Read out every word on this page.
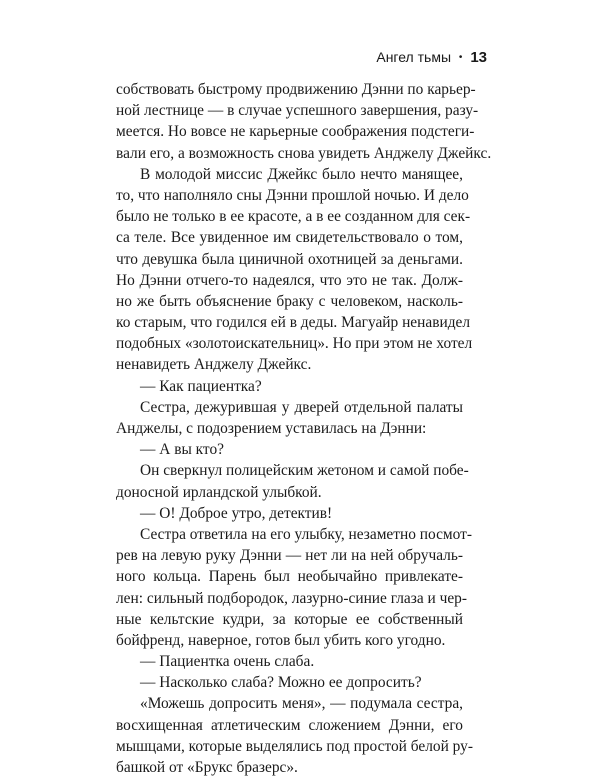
Ангел тьмы • 13
собствовать быстрому продвижению Дэнни по карьер-
ной лестнице — в случае успешного завершения, разу-
меется. Но вовсе не карьерные соображения подстеги-
вали его, а возможность снова увидеть Анджелу Джейкс.
В молодой миссис Джейкс было нечто манящее,
то, что наполняло сны Дэнни прошлой ночью. И дело
было не только в ее красоте, а в ее созданном для сек-
са теле. Все увиденное им свидетельствовало о том,
что девушка была циничной охотницей за деньгами.
Но Дэнни отчего-то надеялся, что это не так. Долж-
но же быть объяснение браку с человеком, насколь-
ко старым, что годился ей в деды. Магуайр ненавидел
подобных «золотоискательниц». Но при этом не хотел
ненавидеть Анджелу Джейкс.
— Как пациентка?
Сестра, дежурившая у дверей отдельной палаты
Анджелы, с подозрением уставилась на Дэнни:
— А вы кто?
Он сверкнул полицейским жетоном и самой побе-
доносной ирландской улыбкой.
— О! Доброе утро, детектив!
Сестра ответила на его улыбку, незаметно посмот-
рев на левую руку Дэнни — нет ли на ней обручаль-
ного кольца. Парень был необычайно привлекате-
лен: сильный подбородок, лазурно-синие глаза и чер-
ные кельтские кудри, за которые ее собственный
бойфренд, наверное, готов был убить кого угодно.
— Пациентка очень слаба.
— Насколько слаба? Можно ее допросить?
«Можешь допросить меня», — подумала сестра,
восхищенная атлетическим сложением Дэнни, его
мышцами, которые выделялись под простой белой ру-
башкой от «Брукс бразерс».
